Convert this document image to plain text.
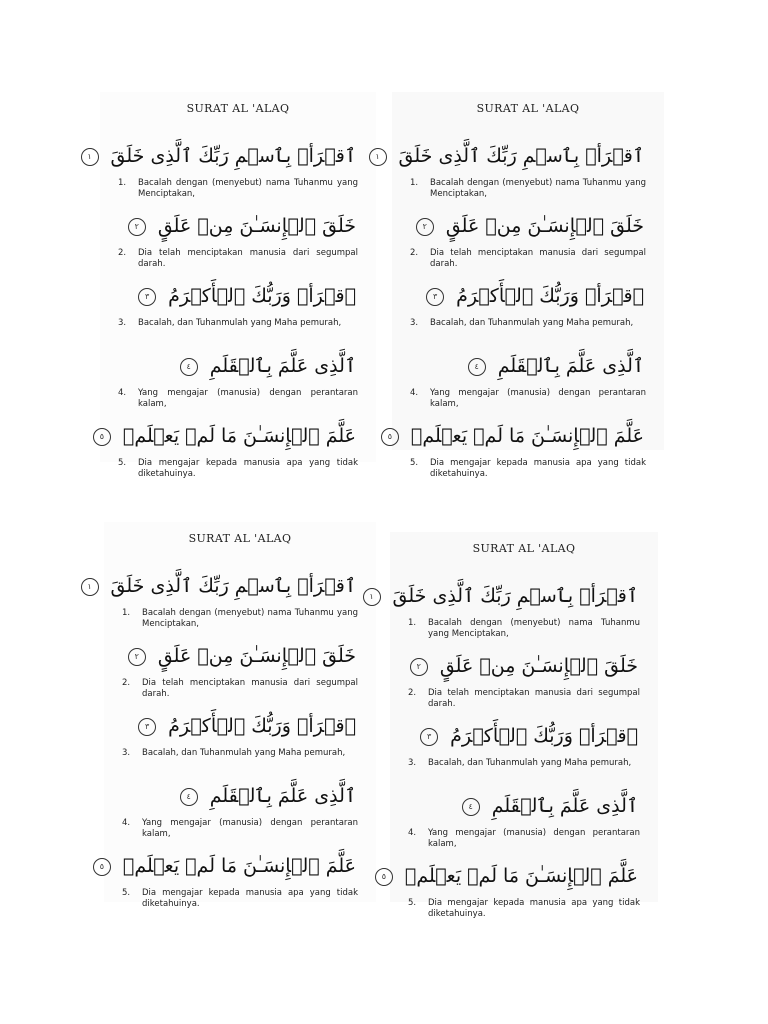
SURAT AL 'ALAQ
ٱقۡرَأۡ بِٱسۡمِ رَبِّكَ ٱلَّذِى خَلَقَ ١
1.	Bacalah dengan (menyebut) nama Tuhanmu yang Menciptakan,
خَلَقَ ٱلۡإِنسَـٰنَ مِنۡ عَلَقٍ ٢
2.	Dia telah menciptakan manusia dari segumpal darah.
ٱقۡرَأۡ وَرَبُّكَ ٱلۡأَكۡرَمُ ٣
3.	Bacalah, dan Tuhanmulah yang Maha pemurah,
ٱلَّذِى عَلَّمَ بِٱلۡقَلَمِ ٤
4.	Yang mengajar (manusia) dengan perantaran kalam,
عَلَّمَ ٱلۡإِنسَـٰنَ مَا لَمۡ يَعۡلَمۡ ٥
5.	Dia mengajar kepada manusia apa yang tidak diketahuinya.
SURAT AL 'ALAQ
ٱقۡرَأۡ بِٱسۡمِ رَبِّكَ ٱلَّذِى خَلَقَ ١
1.	Bacalah dengan (menyebut) nama Tuhanmu yang Menciptakan,
خَلَقَ ٱلۡإِنسَـٰنَ مِنۡ عَلَقٍ ٢
2.	Dia telah menciptakan manusia dari segumpal darah.
ٱقۡرَأۡ وَرَبُّكَ ٱلۡأَكۡرَمُ ٣
3.	Bacalah, dan Tuhanmulah yang Maha pemurah,
ٱلَّذِى عَلَّمَ بِٱلۡقَلَمِ ٤
4.	Yang mengajar (manusia) dengan perantaran kalam,
عَلَّمَ ٱلۡإِنسَـٰنَ مَا لَمۡ يَعۡلَمۡ ٥
5.	Dia mengajar kepada manusia apa yang tidak diketahuinya.
SURAT AL 'ALAQ
ٱقۡرَأۡ بِٱسۡمِ رَبِّكَ ٱلَّذِى خَلَقَ ١
1.	Bacalah dengan (menyebut) nama Tuhanmu yang Menciptakan,
خَلَقَ ٱلۡإِنسَـٰنَ مِنۡ عَلَقٍ ٢
2.	Dia telah menciptakan manusia dari segumpal darah.
ٱقۡرَأۡ وَرَبُّكَ ٱلۡأَكۡرَمُ ٣
3.	Bacalah, dan Tuhanmulah yang Maha pemurah,
ٱلَّذِى عَلَّمَ بِٱلۡقَلَمِ ٤
4.	Yang mengajar (manusia) dengan perantaran kalam,
عَلَّمَ ٱلۡإِنسَـٰنَ مَا لَمۡ يَعۡلَمۡ ٥
5.	Dia mengajar kepada manusia apa yang tidak diketahuinya.
SURAT AL 'ALAQ
ٱقۡرَأۡ بِٱسۡمِ رَبِّكَ ٱلَّذِى خَلَقَ ١
1.	Bacalah dengan (menyebut) nama Tuhanmu yang Menciptakan,
خَلَقَ ٱلۡإِنسَـٰنَ مِنۡ عَلَقٍ ٢
2.	Dia telah menciptakan manusia dari segumpal darah.
ٱقۡرَأۡ وَرَبُّكَ ٱلۡأَكۡرَمُ ٣
3.	Bacalah, dan Tuhanmulah yang Maha pemurah,
ٱلَّذِى عَلَّمَ بِٱلۡقَلَمِ ٤
4.	Yang mengajar (manusia) dengan perantaran kalam,
عَلَّمَ ٱلۡإِنسَـٰنَ مَا لَمۡ يَعۡلَمۡ ٥
5.	Dia mengajar kepada manusia apa yang tidak diketahuinya.
